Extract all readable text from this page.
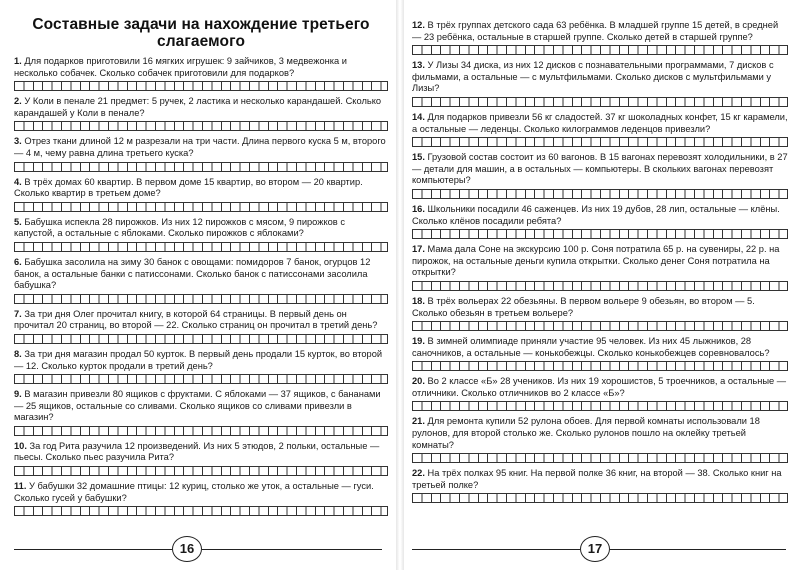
Составные задачи на нахождение третьего слагаемого
1. Для подарков приготовили 16 мягких игрушек: 9 зайчиков, 3 медвежонка и несколько собачек. Сколько собачек приготовили для подарков?
2. У Коли в пенале 21 предмет: 5 ручек, 2 ластика и несколько карандашей. Сколько карандашей у Коли в пенале?
3. Отрез ткани длиной 12 м разрезали на три части. Длина первого куска 5 м, второго — 4 м, чему равна длина третьего куска?
4. В трёх домах 60 квартир. В первом доме 15 квартир, во втором — 20 квартир. Сколько квартир в третьем доме?
5. Бабушка испекла 28 пирожков. Из них 12 пирожков с мясом, 9 пирожков с капустой, а остальные с яблоками. Сколько пирожков с яблоками?
6. Бабушка засолила на зиму 30 банок с овощами: помидоров 7 банок, огурцов 12 банок, а остальные банки с патиссонами. Сколько банок с патиссонами засолила бабушка?
7. За три дня Олег прочитал книгу, в которой 64 страницы. В первый день он прочитал 20 страниц, во второй — 22. Сколько страниц он прочитал в третий день?
8. За три дня магазин продал 50 курток. В первый день продали 15 курток, во второй — 12. Сколько курток продали в третий день?
9. В магазин привезли 80 ящиков с фруктами. С яблоками — 37 ящиков, с бананами — 25 ящиков, остальные со сливами. Сколько ящиков со сливами привезли в магазин?
10. За год Рита разучила 12 произведений. Из них 5 этюдов, 2 польки, остальные — пьесы. Сколько пьес разучила Рита?
11. У бабушки 32 домашние птицы: 12 куриц, столько же уток, а остальные — гуси. Сколько гусей у бабушки?
16
12. В трёх группах детского сада 63 ребёнка. В младшей группе 15 детей, в средней — 23 ребёнка, остальные в старшей группе. Сколько детей в старшей группе?
13. У Лизы 34 диска, из них 12 дисков с познавательными программами, 7 дисков с фильмами, а остальные — с мультфильмами. Сколько дисков с мультфильмами у Лизы?
14. Для подарков привезли 56 кг сладостей. 37 кг шоколадных конфет, 15 кг карамели, а остальные — леденцы. Сколько килограммов леденцов привезли?
15. Грузовой состав состоит из 60 вагонов. В 15 вагонах перевозят холодильники, в 27 — детали для машин, а в остальных — компьютеры. В скольких вагонах перевозят компьютеры?
16. Школьники посадили 46 саженцев. Из них 19 дубов, 28 лип, остальные — клёны. Сколько клёнов посадили ребята?
17. Мама дала Соне на экскурсию 100 р. Соня потратила 65 р. на сувениры, 22 р. на пирожок, на остальные деньги купила открытки. Сколько денег Соня потратила на открытки?
18. В трёх вольерах 22 обезьяны. В первом вольере 9 обезьян, во втором — 5. Сколько обезьян в третьем вольере?
19. В зимней олимпиаде приняли участие 95 человек. Из них 45 лыжников, 28 саночников, а остальные — конькобежцы. Сколько конькобежцев соревновалось?
20. Во 2 классе «Б» 28 учеников. Из них 19 хорошистов, 5 троечников, а остальные — отличники. Сколько отличников во 2 классе «Б»?
21. Для ремонта купили 52 рулона обоев. Для первой комнаты использовали 18 рулонов, для второй столько же. Сколько рулонов пошло на оклейку третьей комнаты?
22. На трёх полках 95 книг. На первой полке 36 книг, на второй — 38. Сколько книг на третьей полке?
17
